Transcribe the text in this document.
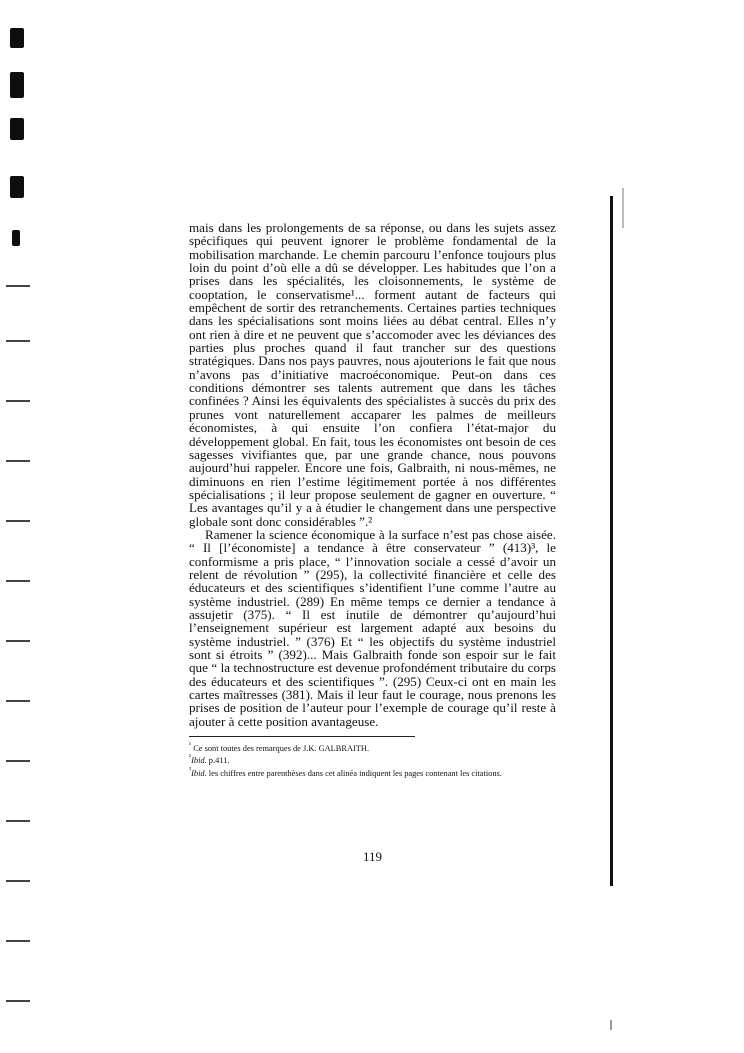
mais dans les prolongements de sa réponse, ou dans les sujets assez spécifiques qui peuvent ignorer le problème fondamental de la mobilisation marchande. Le chemin parcouru l’enfonce toujours plus loin du point d’où elle a dû se développer. Les habitudes que l’on a prises dans les spécialités, les cloisonnements, le système de cooptation, le conservatisme¹... forment autant de facteurs qui empêchent de sortir des retranchements. Certaines parties techniques dans les spécialisations sont moins liées au débat central. Elles n’y ont rien à dire et ne peuvent que s’accomoder avec les déviances des parties plus proches quand il faut trancher sur des questions stratégiques. Dans nos pays pauvres, nous ajouterions le fait que nous n’avons pas d’initiative macroéconomique. Peut-on dans ces conditions démontrer ses talents autrement que dans les tâches confinées ? Ainsi les équivalents des spécialistes à succès du prix des prunes vont naturellement accaparer les palmes de meilleurs économistes, à qui ensuite l’on confiera l’état-major du développement global. En fait, tous les économistes ont besoin de ces sagesses vivifiantes que, par une grande chance, nous pouvons aujourd’hui rappeler. Encore une fois, Galbraith, ni nous-mêmes, ne diminuons en rien l’estime légitimement portée à nos différentes spécialisations ; il leur propose seulement de gagner en ouverture. “ Les avantages qu’il y a à étudier le changement dans une perspective globale sont donc considérables ”.²

Ramener la science économique à la surface n’est pas chose aisée. “ Il [l’économiste] a tendance à être conservateur ” (413)³, le conformisme a pris place, “ l’innovation sociale a cessé d’avoir un relent de révolution ” (295), la collectivité financière et celle des éducateurs et des scientifiques s’identifient l’une comme l’autre au système industriel. (289) En même temps ce dernier a tendance à assujetir (375). “ Il est inutile de démontrer qu’aujourd’hui l’enseignement supérieur est largement adapté aux besoins du système industriel. ” (376) Et “ les objectifs du système industriel sont si étroits ” (392)... Mais Galbraith fonde son espoir sur le fait que “ la technostructure est devenue profondément tributaire du corps des éducateurs et des scientifiques ”. (295) Ceux-ci ont en main les cartes maîtresses (381). Mais il leur faut le courage, nous prenons les prises de position de l’auteur pour l’exemple de courage qu’il reste à ajouter à cette position avantageuse.

$^{^1}$ Ce sont toutes des remarques de J.K. GALBRAITH.

$^{^2}$Ibid. p.411.

$^{^3}$Ibid. les chiffres entre parenthèses dans cet alinéa indiquent les pages contenant les citations.

119
